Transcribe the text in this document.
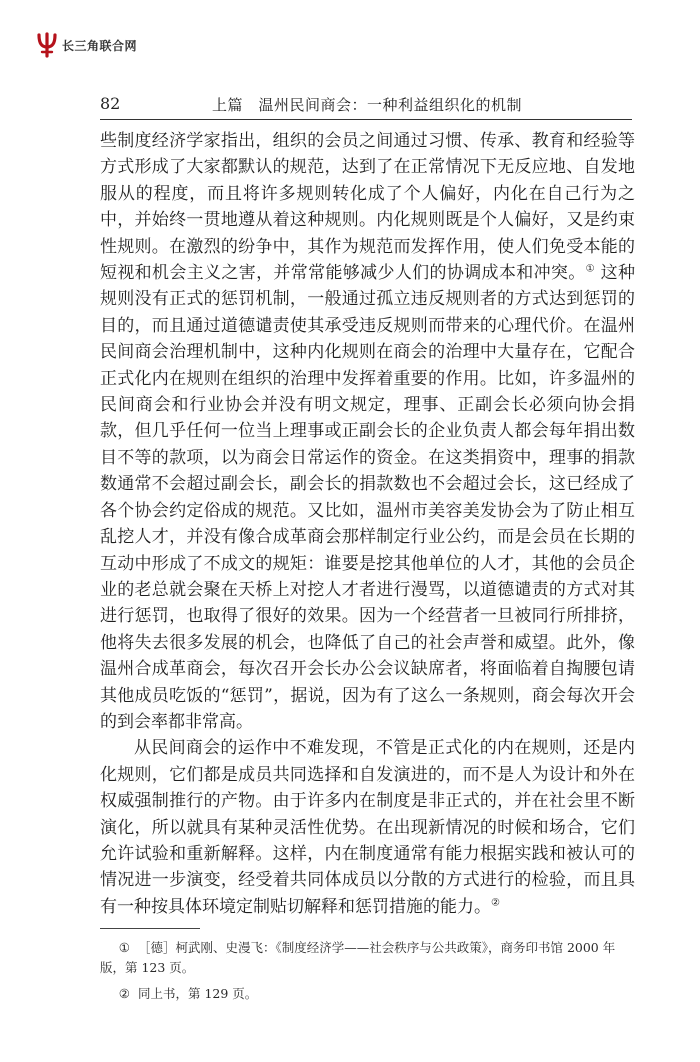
长三角联合网
82	上篇　温州民间商会：一种利益组织化的机制

些制度经济学家指出，组织的会员之间通过习惯、传承、教育和经验等方式形成了大家都默认的规范，达到了在正常情况下无反应地、自发地服从的程度，而且将许多规则转化成了个人偏好，内化在自己行为之中，并始终一贯地遵从着这种规则。内化规则既是个人偏好，又是约束性规则。在激烈的纷争中，其作为规范而发挥作用，使人们免受本能的短视和机会主义之害，并常常能够减少人们的协调成本和冲突。① 这种规则没有正式的惩罚机制，一般通过孤立违反规则者的方式达到惩罚的目的，而且通过道德谴责使其承受违反规则而带来的心理代价。在温州民间商会治理机制中，这种内化规则在商会的治理中大量存在，它配合正式化内在规则在组织的治理中发挥着重要的作用。比如，许多温州的民间商会和行业协会并没有明文规定，理事、正副会长必须向协会捐款，但几乎任何一位当上理事或正副会长的企业负责人都会每年捐出数目不等的款项，以为商会日常运作的资金。在这类捐资中，理事的捐款数通常不会超过副会长，副会长的捐款数也不会超过会长，这已经成了各个协会约定俗成的规范。又比如，温州市美容美发协会为了防止相互乱挖人才，并没有像合成革商会那样制定行业公约，而是会员在长期的互动中形成了不成文的规矩：谁要是挖其他单位的人才，其他的会员企业的老总就会聚在天桥上对挖人才者进行漫骂，以道德谴责的方式对其进行惩罚，也取得了很好的效果。因为一个经营者一旦被同行所排挤，他将失去很多发展的机会，也降低了自己的社会声誉和威望。此外，像温州合成革商会，每次召开会长办公会议缺席者，将面临着自掏腰包请其他成员吃饭的“惩罚”，据说，因为有了这么一条规则，商会每次开会的到会率都非常高。

从民间商会的运作中不难发现，不管是正式化的内在规则，还是内化规则，它们都是成员共同选择和自发演进的，而不是人为设计和外在权威强制推行的产物。由于许多内在制度是非正式的，并在社会里不断演化，所以就具有某种灵活性优势。在出现新情况的时候和场合，它们允许试验和重新解释。这样，内在制度通常有能力根据实践和被认可的情况进一步演变，经受着共同体成员以分散的方式进行的检验，而且具有一种按具体环境定制贴切解释和惩罚措施的能力。②

① ［德］柯武刚、史漫飞：《制度经济学——社会秩序与公共政策》，商务印书馆 2000 年版，第 123 页。

② 同上书，第 129 页。
